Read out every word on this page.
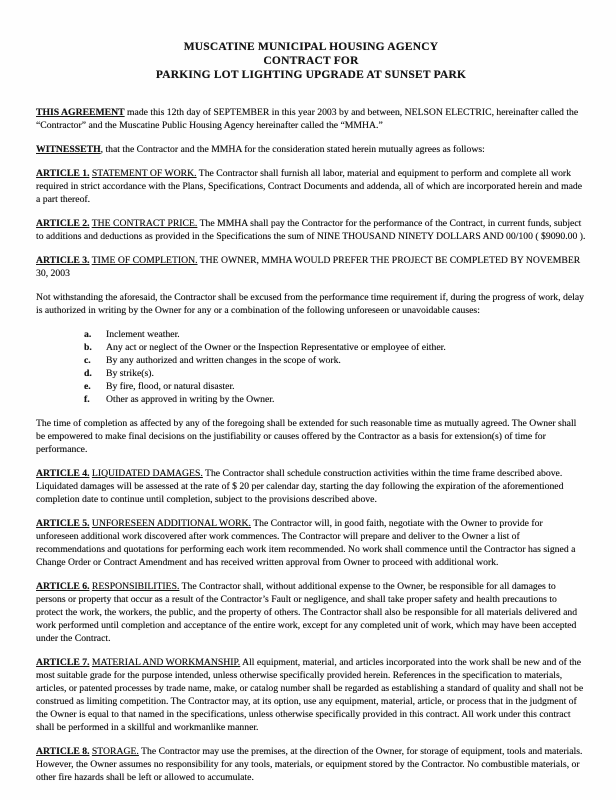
MUSCATINE MUNICIPAL HOUSING AGENCY
CONTRACT FOR
PARKING LOT LIGHTING UPGRADE AT SUNSET PARK

THIS AGREEMENT made this 12th day of SEPTEMBER in this year 2003 by and between, NELSON ELECTRIC, hereinafter called the “Contractor” and the Muscatine Public Housing Agency hereinafter called the “MMHA.”

WITNESSETH, that the Contractor and the MMHA for the consideration stated herein mutually agrees as follows:

ARTICLE 1. STATEMENT OF WORK. The Contractor shall furnish all labor, material and equipment to perform and complete all work required in strict accordance with the Plans, Specifications, Contract Documents and addenda, all of which are incorporated herein and made a part thereof.

ARTICLE 2. THE CONTRACT PRICE. The MMHA shall pay the Contractor for the performance of the Contract, in current funds, subject to additions and deductions as provided in the Specifications the sum of NINE THOUSAND NINETY DOLLARS AND 00/100 ( $9090.00 ).

ARTICLE 3. TIME OF COMPLETION. THE OWNER, MMHA WOULD PREFER THE PROJECT BE COMPLETED BY NOVEMBER 30, 2003

Not withstanding the aforesaid, the Contractor shall be excused from the performance time requirement if, during the progress of work, delay is authorized in writing by the Owner for any or a combination of the following unforeseen or unavoidable causes:

a.	Inclement weather.
b.	Any act or neglect of the Owner or the Inspection Representative or employee of either.
c.	By any authorized and written changes in the scope of work.
d.	By strike(s).
e.	By fire, flood, or natural disaster.
f.	Other as approved in writing by the Owner.

The time of completion as affected by any of the foregoing shall be extended for such reasonable time as mutually agreed. The Owner shall be empowered to make final decisions on the justifiability or causes offered by the Contractor as a basis for extension(s) of time for performance.

ARTICLE 4. LIQUIDATED DAMAGES. The Contractor shall schedule construction activities within the time frame described above. Liquidated damages will be assessed at the rate of $ 20 per calendar day, starting the day following the expiration of the aforementioned completion date to continue until completion, subject to the provisions described above.

ARTICLE 5. UNFORESEEN ADDITIONAL WORK. The Contractor will, in good faith, negotiate with the Owner to provide for unforeseen additional work discovered after work commences. The Contractor will prepare and deliver to the Owner a list of recommendations and quotations for performing each work item recommended. No work shall commence until the Contractor has signed a Change Order or Contract Amendment and has received written approval from Owner to proceed with additional work.

ARTICLE 6. RESPONSIBILITIES. The Contractor shall, without additional expense to the Owner, be responsible for all damages to persons or property that occur as a result of the Contractor’s Fault or negligence, and shall take proper safety and health precautions to protect the work, the workers, the public, and the property of others. The Contractor shall also be responsible for all materials delivered and work performed until completion and acceptance of the entire work, except for any completed unit of work, which may have been accepted under the Contract.

ARTICLE 7. MATERIAL AND WORKMANSHIP. All equipment, material, and articles incorporated into the work shall be new and of the most suitable grade for the purpose intended, unless otherwise specifically provided herein. References in the specification to materials, articles, or patented processes by trade name, make, or catalog number shall be regarded as establishing a standard of quality and shall not be construed as limiting competition. The Contractor may, at its option, use any equipment, material, article, or process that in the judgment of the Owner is equal to that named in the specifications, unless otherwise specifically provided in this contract. All work under this contract shall be performed in a skillful and workmanlike manner.

ARTICLE 8. STORAGE. The Contractor may use the premises, at the direction of the Owner, for storage of equipment, tools and materials. However, the Owner assumes no responsibility for any tools, materials, or equipment stored by the Contractor. No combustible materials, or other fire hazards shall be left or allowed to accumulate.
